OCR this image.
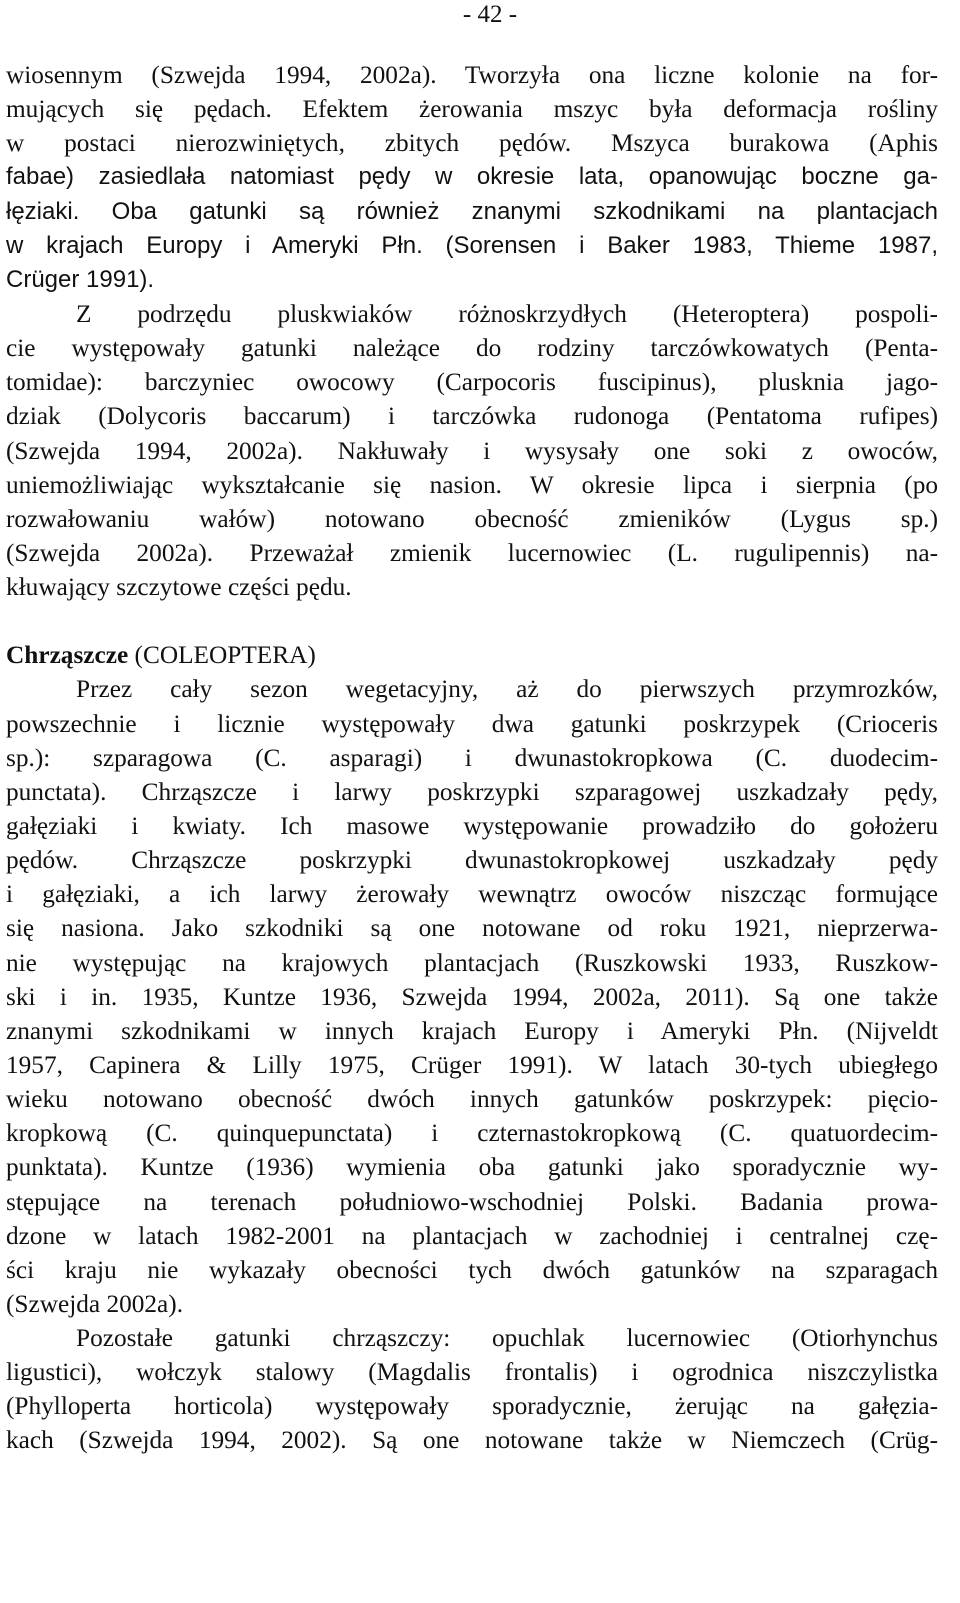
- 42 -
wiosennym (Szwejda 1994, 2002a). Tworzyła ona liczne kolonie na for-
mujących się pędach. Efektem żerowania mszyc była deformacja rośliny
w postaci nierozwiniętych, zbitych pędów. Mszyca burakowa (Aphis
fabae) zasiedlała natomiast pędy w okresie lata, opanowując boczne ga-
łęziaki. Oba gatunki są również znanymi szkodnikami na plantacjach
w krajach Europy i Ameryki Płn. (Sorensen i Baker 1983, Thieme 1987,
Crüger 1991).
Z podrzędu pluskwiaków różnoskrzydłych (Heteroptera) pospoli-
cie występowały gatunki należące do rodziny tarczówkowatych (Penta-
tomidae): barczyniec owocowy (Carpocoris fuscipinus), plusknia jago-
dziak (Dolycoris baccarum) i tarczówka rudonoga (Pentatoma rufipes)
(Szwejda 1994, 2002a). Nakłuwały i wysysały one soki z owoców,
uniemożliwiając wykształcanie się nasion. W okresie lipca i sierpnia (po
rozwałowaniu wałów) notowano obecność zmieników (Lygus sp.)
(Szwejda 2002a). Przeważał zmienik lucernowiec (L. rugulipennis) na-
kłuwający szczytowe części pędu.
Chrząszcze (COLEOPTERA)
Przez cały sezon wegetacyjny, aż do pierwszych przymrozków,
powszechnie i licznie występowały dwa gatunki poskrzypek (Crioceris
sp.): szparagowa (C. asparagi) i dwunastokropkowa (C. duodecim-
punctata). Chrząszcze i larwy poskrzypki szparagowej uszkadzały pędy,
gałęziaki i kwiaty. Ich masowe występowanie prowadziło do gołożeru
pędów. Chrząszcze poskrzypki dwunastokropkowej uszkadzały pędy
i gałęziaki, a ich larwy żerowały wewnątrz owoców niszcząc formujące
się nasiona. Jako szkodniki są one notowane od roku 1921, nieprzerwa-
nie występując na krajowych plantacjach (Ruszkowski 1933, Ruszkow-
ski i in. 1935, Kuntze 1936, Szwejda 1994, 2002a, 2011). Są one także
znanymi szkodnikami w innych krajach Europy i Ameryki Płn. (Nijveldt
1957, Capinera & Lilly 1975, Crüger 1991). W latach 30-tych ubiegłego
wieku notowano obecność dwóch innych gatunków poskrzypek: pięcio-
kropkową (C. quinquepunctata) i czternastokropkową (C. quatuordecim-
punktata). Kuntze (1936) wymienia oba gatunki jako sporadycznie wy-
stępujące na terenach południowo-wschodniej Polski. Badania prowa-
dzone w latach 1982-2001 na plantacjach w zachodniej i centralnej czę-
ści kraju nie wykazały obecności tych dwóch gatunków na szparagach
(Szwejda 2002a).
Pozostałe gatunki chrząszczy: opuchlak lucernowiec (Otiorhynchus
ligustici), wołczyk stalowy (Magdalis frontalis) i ogrodnica niszczylistka
(Phylloperta horticola) występowały sporadycznie, żerując na gałęzia-
kach (Szwejda 1994, 2002). Są one notowane także w Niemczech (Crüg-
